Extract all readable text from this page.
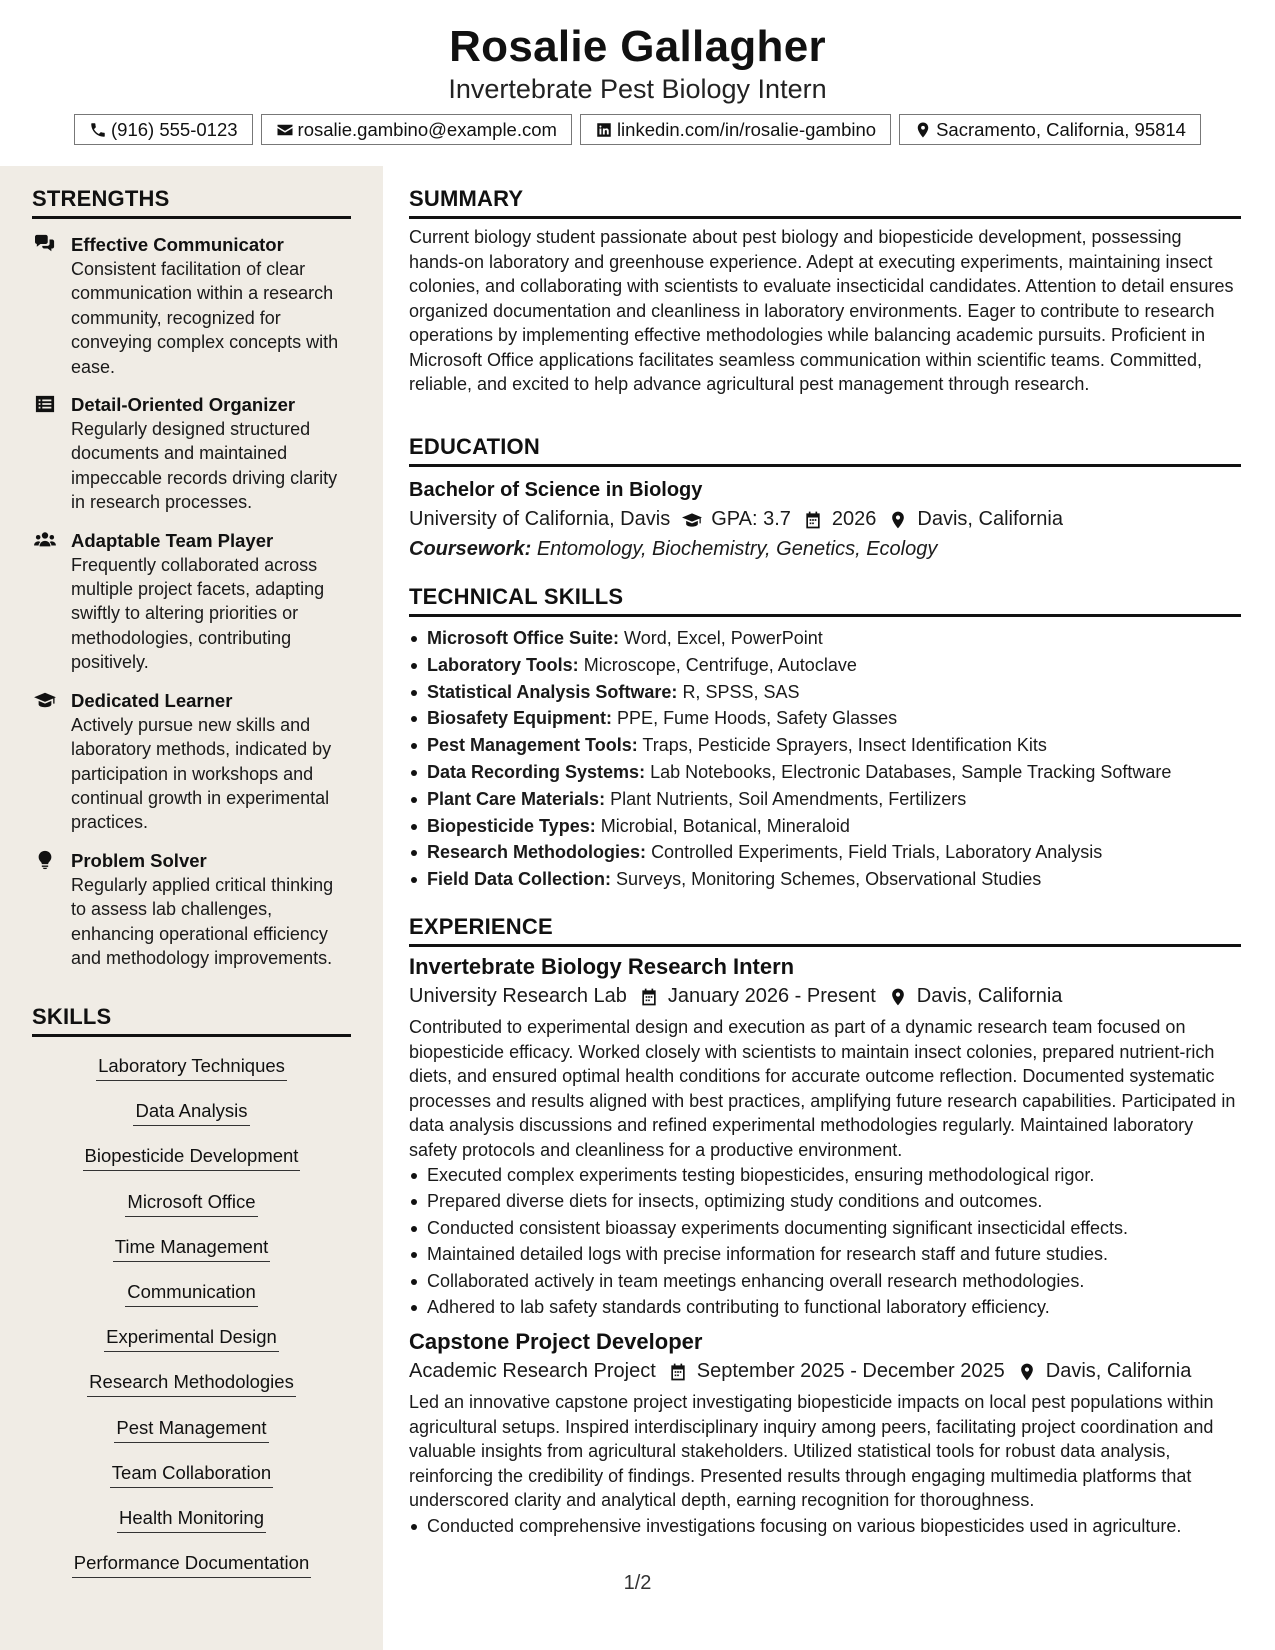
Rosalie Gallagher
Invertebrate Pest Biology Intern
(916) 555-0123	rosalie.gambino@example.com	linkedin.com/in/rosalie-gambino	Sacramento, California, 95814
STRENGTHS
Effective Communicator
Consistent facilitation of clear communication within a research community, recognized for conveying complex concepts with ease.
Detail-Oriented Organizer
Regularly designed structured documents and maintained impeccable records driving clarity in research processes.
Adaptable Team Player
Frequently collaborated across multiple project facets, adapting swiftly to altering priorities or methodologies, contributing positively.
Dedicated Learner
Actively pursue new skills and laboratory methods, indicated by participation in workshops and continual growth in experimental practices.
Problem Solver
Regularly applied critical thinking to assess lab challenges, enhancing operational efficiency and methodology improvements.
SKILLS
Laboratory Techniques
Data Analysis
Biopesticide Development
Microsoft Office
Time Management
Communication
Experimental Design
Research Methodologies
Pest Management
Team Collaboration
Health Monitoring
Performance Documentation
SUMMARY
Current biology student passionate about pest biology and biopesticide development, possessing hands-on laboratory and greenhouse experience. Adept at executing experiments, maintaining insect colonies, and collaborating with scientists to evaluate insecticidal candidates. Attention to detail ensures organized documentation and cleanliness in laboratory environments. Eager to contribute to research operations by implementing effective methodologies while balancing academic pursuits. Proficient in Microsoft Office applications facilitates seamless communication within scientific teams. Committed, reliable, and excited to help advance agricultural pest management through research.
EDUCATION
Bachelor of Science in Biology
University of California, Davis GPA: 3.7 2026 Davis, California
Coursework: Entomology, Biochemistry, Genetics, Ecology
TECHNICAL SKILLS
Microsoft Office Suite: Word, Excel, PowerPoint
Laboratory Tools: Microscope, Centrifuge, Autoclave
Statistical Analysis Software: R, SPSS, SAS
Biosafety Equipment: PPE, Fume Hoods, Safety Glasses
Pest Management Tools: Traps, Pesticide Sprayers, Insect Identification Kits
Data Recording Systems: Lab Notebooks, Electronic Databases, Sample Tracking Software
Plant Care Materials: Plant Nutrients, Soil Amendments, Fertilizers
Biopesticide Types: Microbial, Botanical, Mineraloid
Research Methodologies: Controlled Experiments, Field Trials, Laboratory Analysis
Field Data Collection: Surveys, Monitoring Schemes, Observational Studies
EXPERIENCE
Invertebrate Biology Research Intern
University Research Lab January 2026 - Present Davis, California
Contributed to experimental design and execution as part of a dynamic research team focused on biopesticide efficacy. Worked closely with scientists to maintain insect colonies, prepared nutrient-rich diets, and ensured optimal health conditions for accurate outcome reflection. Documented systematic processes and results aligned with best practices, amplifying future research capabilities. Participated in data analysis discussions and refined experimental methodologies regularly. Maintained laboratory safety protocols and cleanliness for a productive environment.
Executed complex experiments testing biopesticides, ensuring methodological rigor.
Prepared diverse diets for insects, optimizing study conditions and outcomes.
Conducted consistent bioassay experiments documenting significant insecticidal effects.
Maintained detailed logs with precise information for research staff and future studies.
Collaborated actively in team meetings enhancing overall research methodologies.
Adhered to lab safety standards contributing to functional laboratory efficiency.
Capstone Project Developer
Academic Research Project September 2025 - December 2025 Davis, California
Led an innovative capstone project investigating biopesticide impacts on local pest populations within agricultural setups. Inspired interdisciplinary inquiry among peers, facilitating project coordination and valuable insights from agricultural stakeholders. Utilized statistical tools for robust data analysis, reinforcing the credibility of findings. Presented results through engaging multimedia platforms that underscored clarity and analytical depth, earning recognition for thoroughness.
Conducted comprehensive investigations focusing on various biopesticides used in agriculture.
1/2
